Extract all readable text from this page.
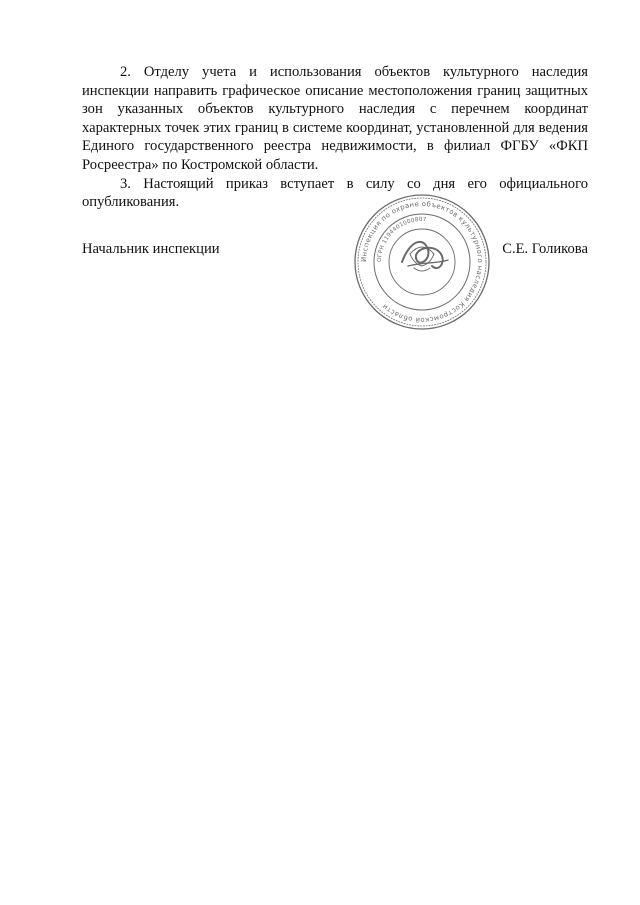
2. Отделу учета и использования объектов культурного наследия инспекции направить графическое описание местоположения границ защитных зон указанных объектов культурного наследия с перечнем координат характерных точек этих границ в системе координат, установленной для ведения Единого государственного реестра недвижимости, в филиал ФГБУ «ФКП Росреестра» по Костромской области.

3. Настоящий приказ вступает в силу со дня его официального опубликования.

Начальник инспекции	С.Е. Голикова
Инспекция по охране объектов культурного наследия Костромской области
ОГРН 1194401000807
